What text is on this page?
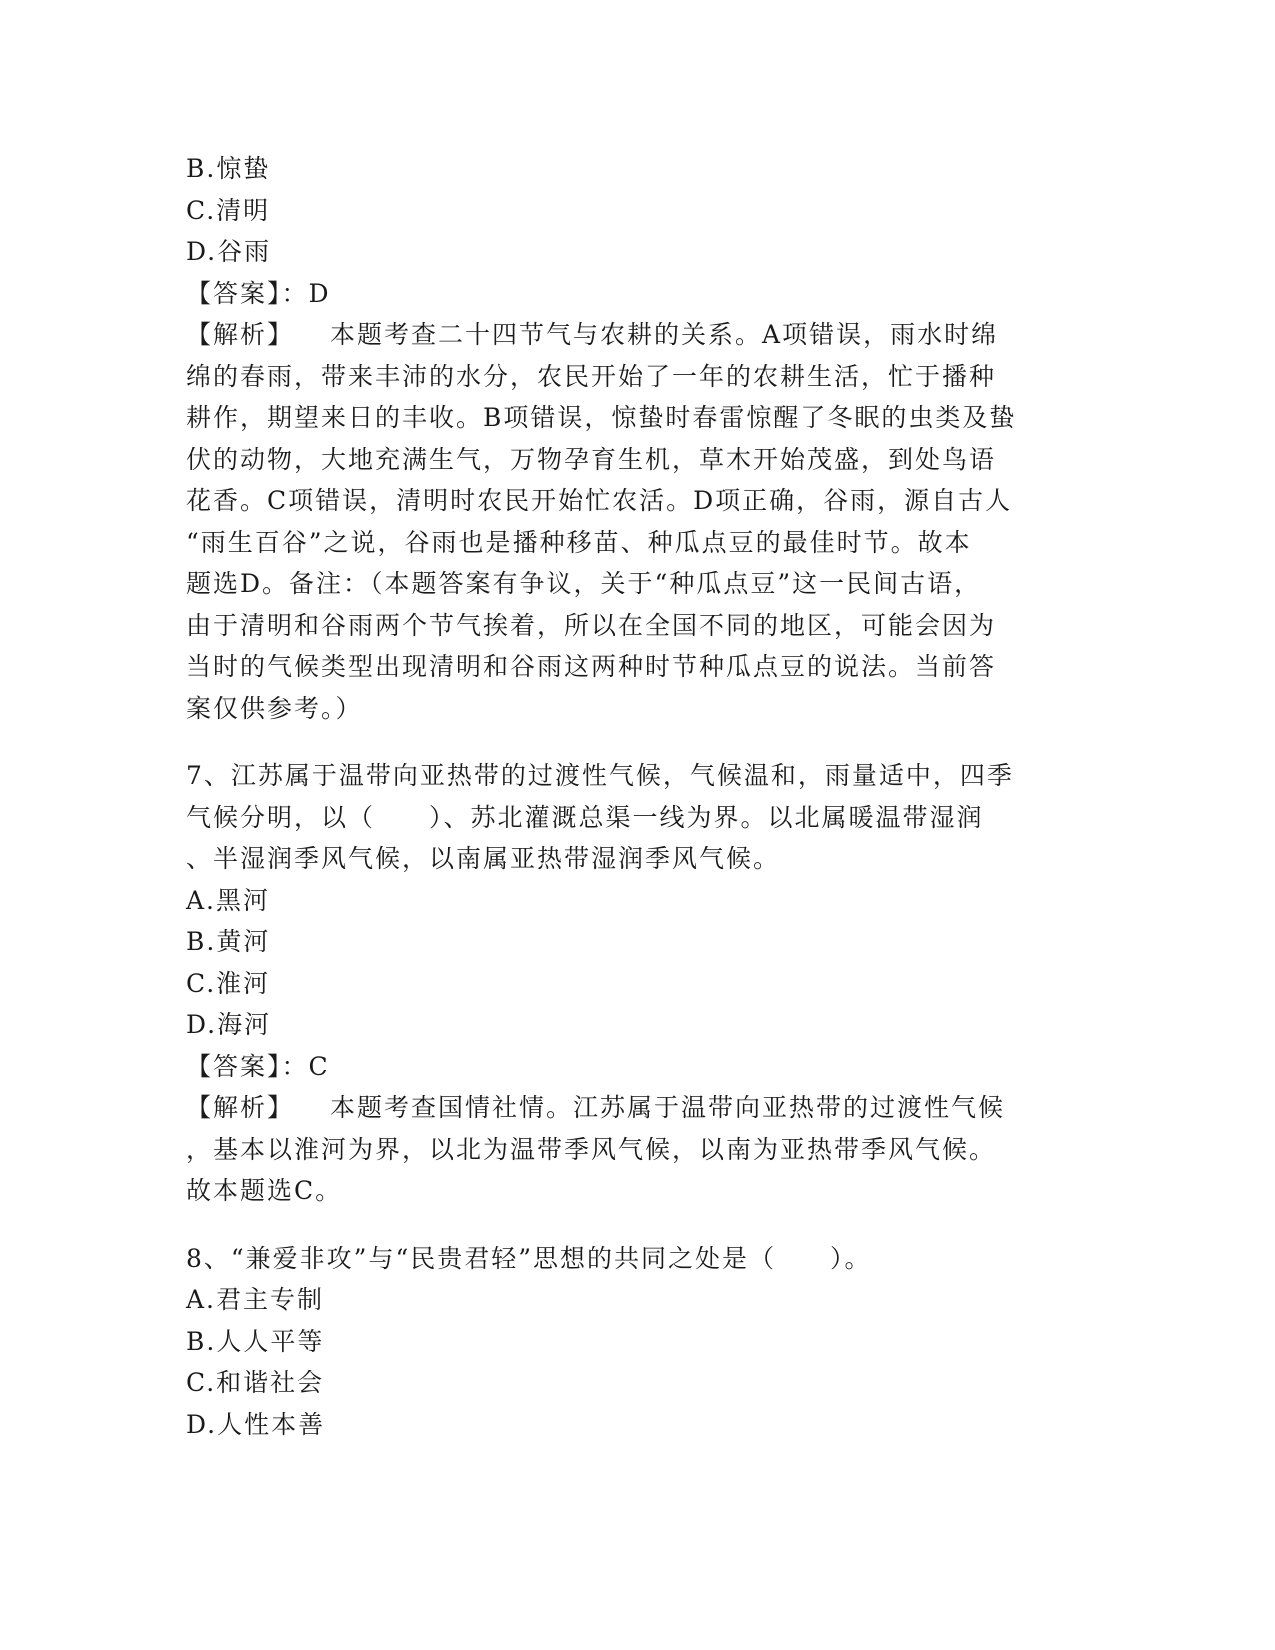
B.惊蛰
C.清明
D.谷雨
【答案】：D
【解析】 本题考查二十四节气与农耕的关系。A项错误，雨水时绵
绵的春雨，带来丰沛的水分，农民开始了一年的农耕生活，忙于播种
耕作，期望来日的丰收。B项错误，惊蛰时春雷惊醒了冬眠的虫类及蛰
伏的动物，大地充满生气，万物孕育生机，草木开始茂盛，到处鸟语
花香。C项错误，清明时农民开始忙农活。D项正确，谷雨，源自古人
“雨生百谷”之说，谷雨也是播种移苗、种瓜点豆的最佳时节。故本
题选D。备注：（本题答案有争议，关于“种瓜点豆”这一民间古语，
由于清明和谷雨两个节气挨着，所以在全国不同的地区，可能会因为
当时的气候类型出现清明和谷雨这两种时节种瓜点豆的说法。当前答
案仅供参考。）
7、江苏属于温带向亚热带的过渡性气候，气候温和，雨量适中，四季
气候分明，以（　　）、苏北灌溉总渠一线为界。以北属暖温带湿润
、半湿润季风气候，以南属亚热带湿润季风气候。
A.黑河
B.黄河
C.淮河
D.海河
【答案】：C
【解析】 本题考查国情社情。江苏属于温带向亚热带的过渡性气候
，基本以淮河为界，以北为温带季风气候，以南为亚热带季风气候。
故本题选C。
8、“兼爱非攻”与“民贵君轻”思想的共同之处是（　　）。
A.君主专制
B.人人平等
C.和谐社会
D.人性本善
